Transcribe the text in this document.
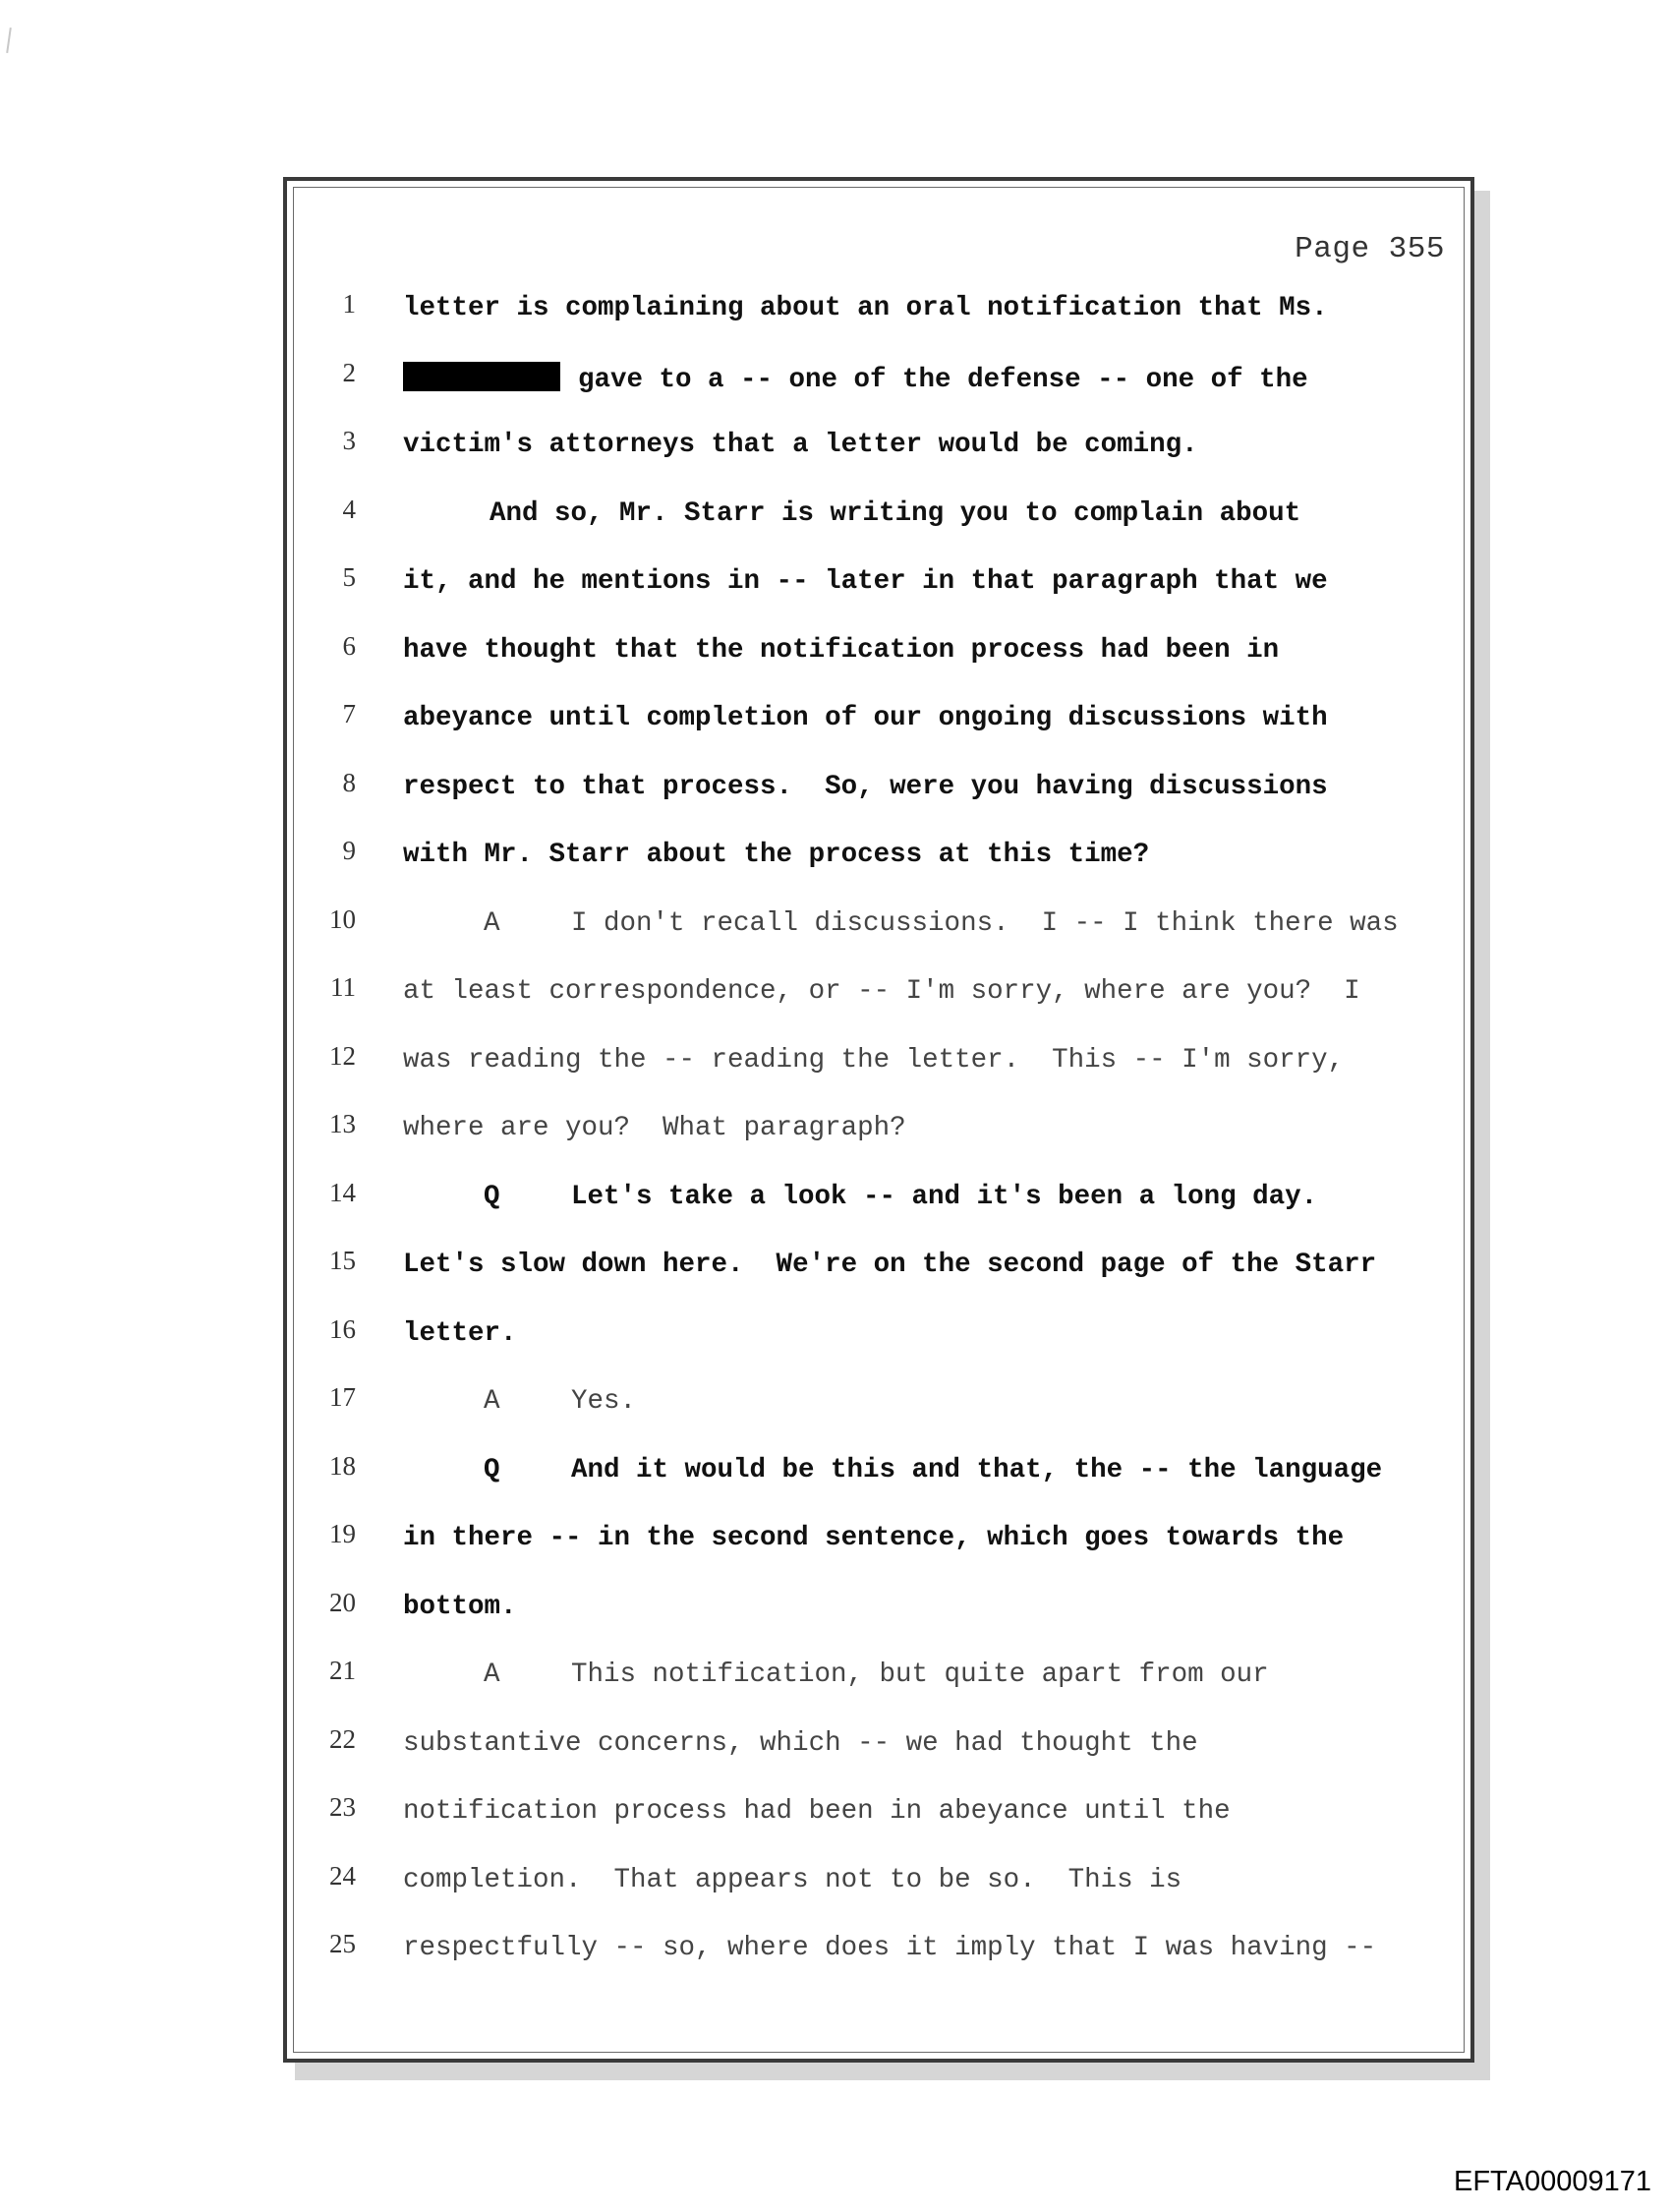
Page 355
1 letter is complaining about an oral notification that Ms.
2	gave to a -- one of the defense -- one of the
3 victim's attorneys that a letter would be coming.
4	And so, Mr. Starr is writing you to complain about
5 it, and he mentions in -- later in that paragraph that we
6 have thought that the notification process had been in
7 abeyance until completion of our ongoing discussions with
8 respect to that process.  So, were you having discussions
9 with Mr. Starr about the process at this time?
10	A	I don't recall discussions.  I -- I think there was
11 at least correspondence, or -- I'm sorry, where are you?  I
12 was reading the -- reading the letter.  This -- I'm sorry,
13 where are you?  What paragraph?
14	Q	Let's take a look -- and it's been a long day.
15 Let's slow down here.  We're on the second page of the Starr
16 letter.
17	A	Yes.
18	Q	And it would be this and that, the -- the language
19 in there -- in the second sentence, which goes towards the
20 bottom.
21	A	This notification, but quite apart from our
22 substantive concerns, which -- we had thought the
23 notification process had been in abeyance until the
24 completion.  That appears not to be so.  This is
25 respectfully -- so, where does it imply that I was having --
EFTA00009171
